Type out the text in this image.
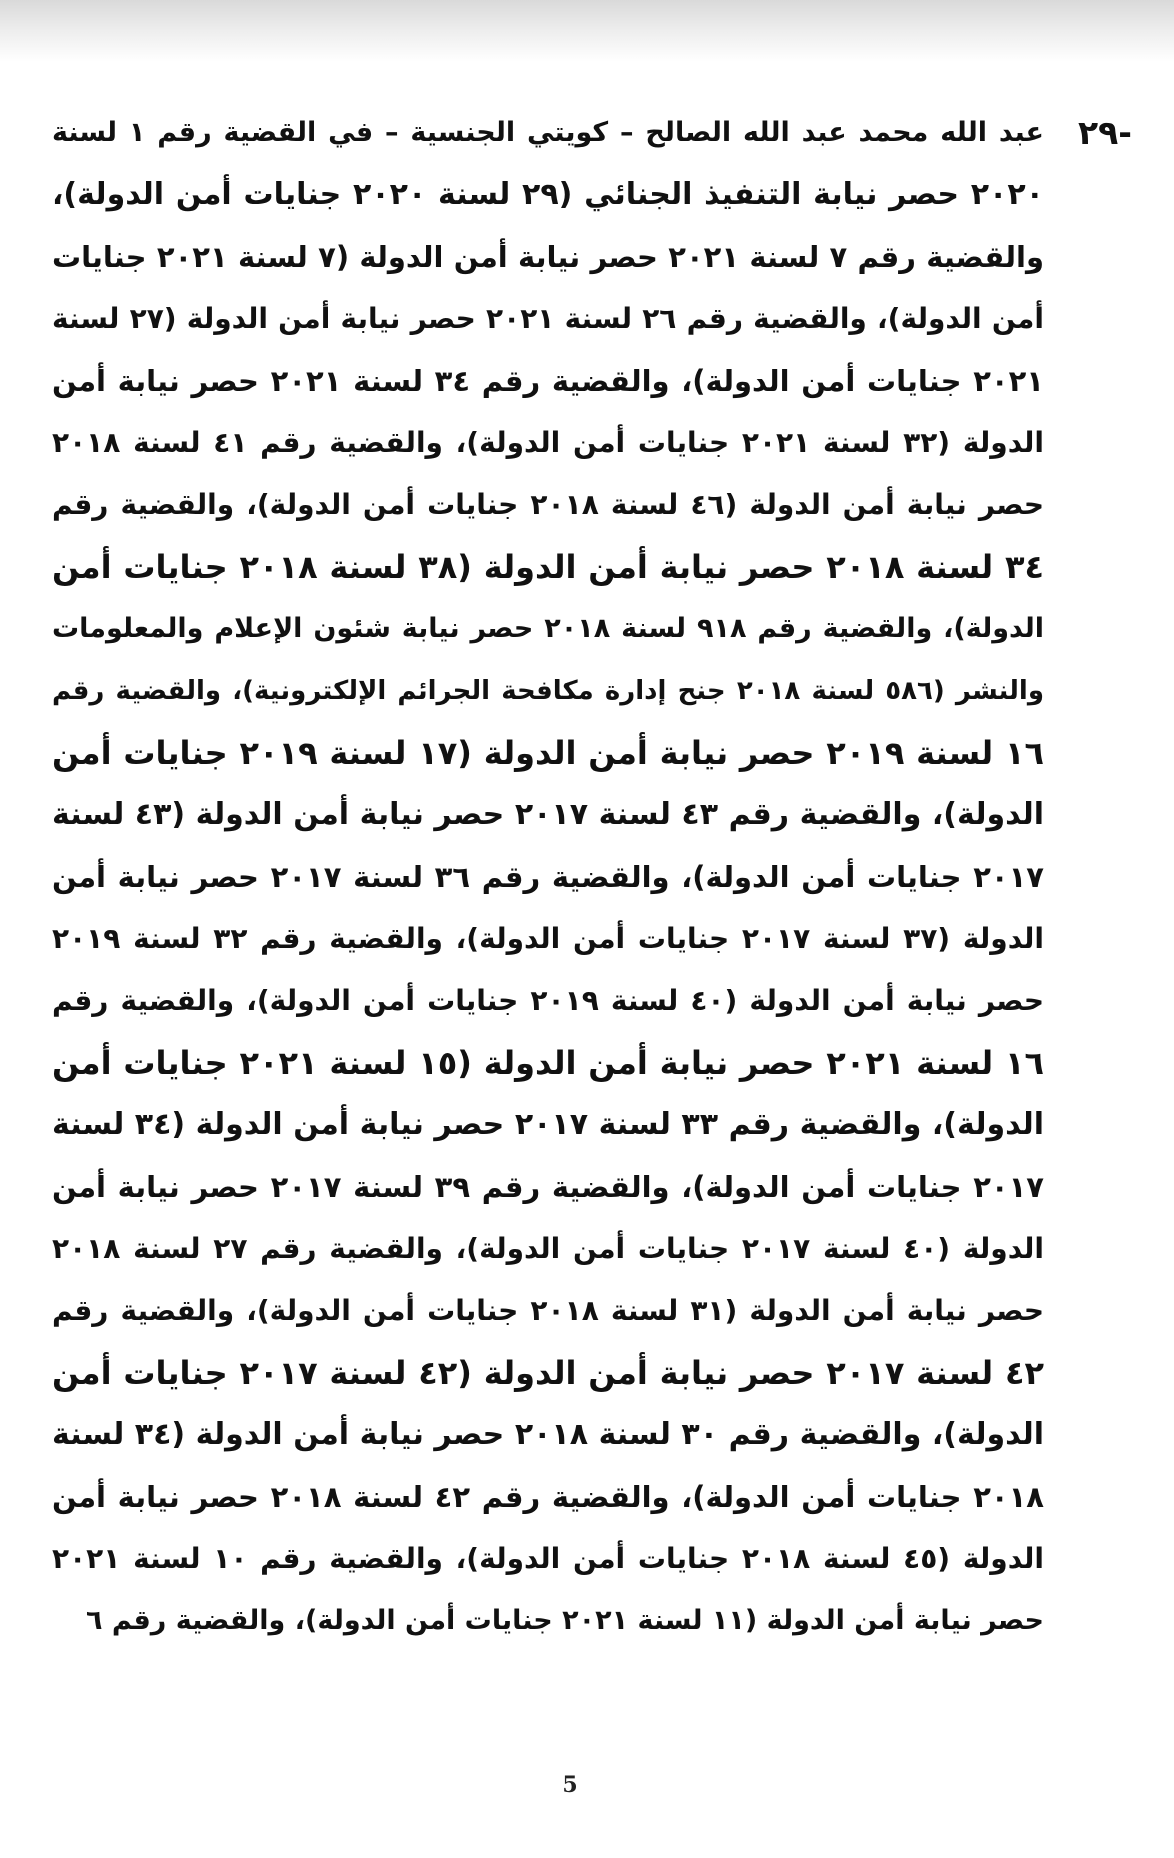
٢٩-
عبد الله محمد عبد الله الصالح – كويتي الجنسية – في القضية رقم ١ لسنة
٢٠٢٠ حصر نيابة التنفيذ الجنائي (٢٩ لسنة ٢٠٢٠ جنايات أمن الدولة)،
والقضية رقم ٧ لسنة ٢٠٢١ حصر نيابة أمن الدولة (٧ لسنة ٢٠٢١ جنايات
أمن الدولة)، والقضية رقم ٢٦ لسنة ٢٠٢١ حصر نيابة أمن الدولة (٢٧ لسنة
٢٠٢١ جنايات أمن الدولة)، والقضية رقم ٣٤ لسنة ٢٠٢١ حصر نيابة أمن
الدولة (٣٢ لسنة ٢٠٢١ جنايات أمن الدولة)، والقضية رقم ٤١ لسنة ٢٠١٨
حصر نيابة أمن الدولة (٤٦ لسنة ٢٠١٨ جنايات أمن الدولة)، والقضية رقم
٣٤ لسنة ٢٠١٨ حصر نيابة أمن الدولة (٣٨ لسنة ٢٠١٨ جنايات أمن
الدولة)، والقضية رقم ٩١٨ لسنة ٢٠١٨ حصر نيابة شئون الإعلام والمعلومات
والنشر (٥٨٦ لسنة ٢٠١٨ جنح إدارة مكافحة الجرائم الإلكترونية)، والقضية رقم
١٦ لسنة ٢٠١٩ حصر نيابة أمن الدولة (١٧ لسنة ٢٠١٩ جنايات أمن
الدولة)، والقضية رقم ٤٣ لسنة ٢٠١٧ حصر نيابة أمن الدولة (٤٣ لسنة
٢٠١٧ جنايات أمن الدولة)، والقضية رقم ٣٦ لسنة ٢٠١٧ حصر نيابة أمن
الدولة (٣٧ لسنة ٢٠١٧ جنايات أمن الدولة)، والقضية رقم ٣٢ لسنة ٢٠١٩
حصر نيابة أمن الدولة (٤٠ لسنة ٢٠١٩ جنايات أمن الدولة)، والقضية رقم
١٦ لسنة ٢٠٢١ حصر نيابة أمن الدولة (١٥ لسنة ٢٠٢١ جنايات أمن
الدولة)، والقضية رقم ٣٣ لسنة ٢٠١٧ حصر نيابة أمن الدولة (٣٤ لسنة
٢٠١٧ جنايات أمن الدولة)، والقضية رقم ٣٩ لسنة ٢٠١٧ حصر نيابة أمن
الدولة (٤٠ لسنة ٢٠١٧ جنايات أمن الدولة)، والقضية رقم ٢٧ لسنة ٢٠١٨
حصر نيابة أمن الدولة (٣١ لسنة ٢٠١٨ جنايات أمن الدولة)، والقضية رقم
٤٢ لسنة ٢٠١٧ حصر نيابة أمن الدولة (٤٢ لسنة ٢٠١٧ جنايات أمن
الدولة)، والقضية رقم ٣٠ لسنة ٢٠١٨ حصر نيابة أمن الدولة (٣٤ لسنة
٢٠١٨ جنايات أمن الدولة)، والقضية رقم ٤٢ لسنة ٢٠١٨ حصر نيابة أمن
الدولة (٤٥ لسنة ٢٠١٨ جنايات أمن الدولة)، والقضية رقم ١٠ لسنة ٢٠٢١
حصر نيابة أمن الدولة (١١ لسنة ٢٠٢١ جنايات أمن الدولة)، والقضية رقم ٦
5
